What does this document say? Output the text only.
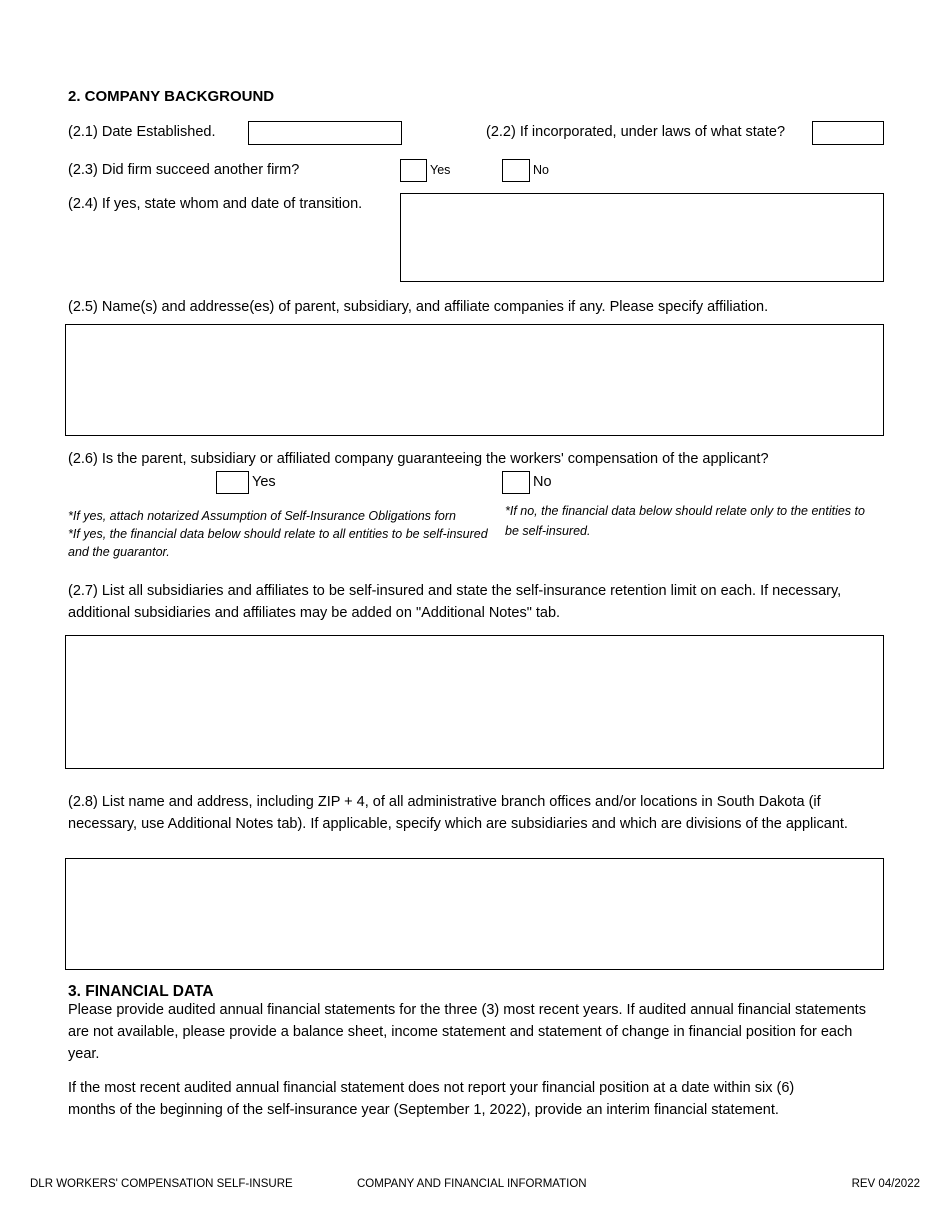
2. COMPANY BACKGROUND
(2.1) Date Established.	(2.2) If incorporated, under laws of what state?
(2.3) Did firm succeed another firm?	Yes	No
(2.4) If yes, state whom and date of transition.
(2.5) Name(s) and addresse(es) of parent, subsidiary, and affiliate companies if any. Please specify affiliation.
(2.6) Is the parent, subsidiary or affiliated company guaranteeing the workers' compensation of the applicant?
Yes	No
*If yes, attach notarized Assumption of Self-Insurance Obligations forn
*If yes, the financial data below should relate to all entities to be self-insured and the guarantor.
*If no, the financial data below should relate only to the entities to be self-insured.
(2.7) List all subsidiaries and affiliates to be self-insured and state the self-insurance retention limit on each. If necessary, additional subsidiaries and affiliates may be added on "Additional Notes" tab.
(2.8) List name and address, including ZIP + 4, of all administrative branch offices and/or locations in South Dakota (if necessary, use Additional Notes tab). If applicable, specify which are subsidiaries and which are divisions of the applicant.
3. FINANCIAL DATA
Please provide audited annual financial statements for the three (3) most recent years. If audited annual financial statements are not available, please provide a balance sheet, income statement and statement of change in financial position for each year.
If the most recent audited annual financial statement does not report your financial position at a date within six (6) months of the beginning of the self-insurance year (September 1, 2022), provide an interim financial statement.
DLR WORKERS' COMPENSATION SELF-INSURE	COMPANY AND FINANCIAL INFORMATION	REV 04/2022
